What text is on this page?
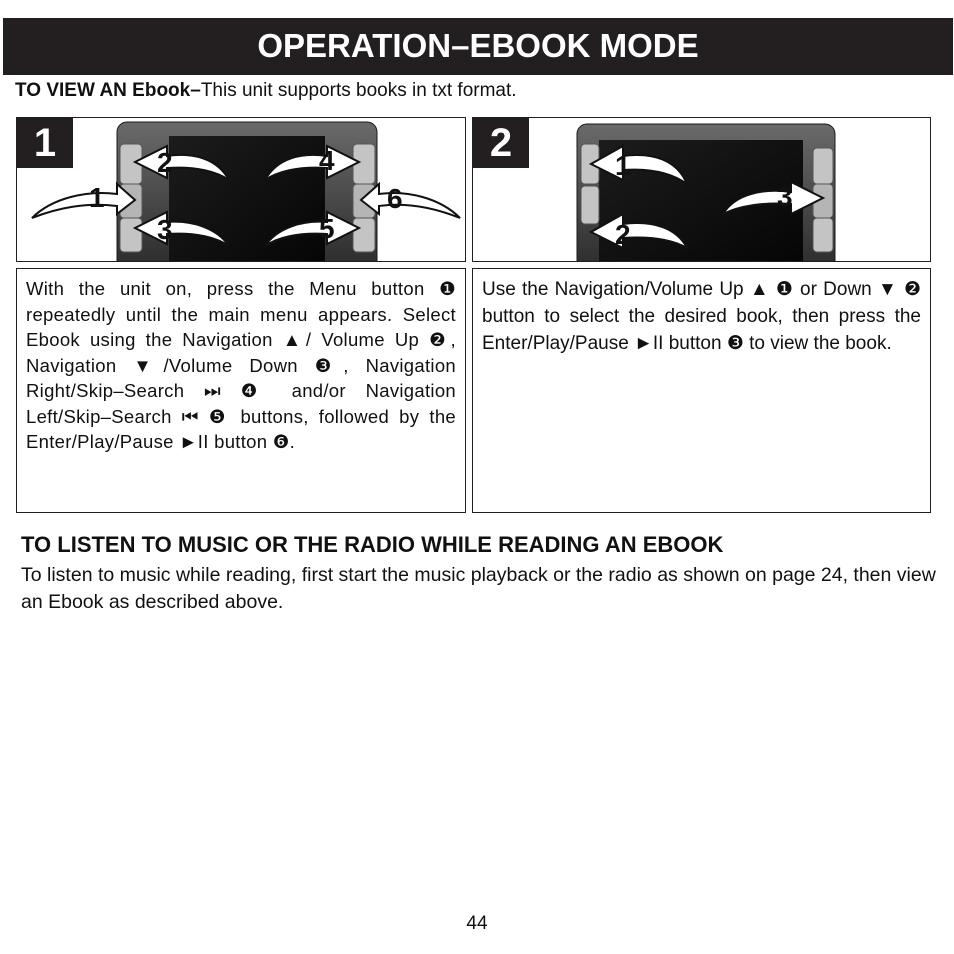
OPERATION–EBOOK MODE
TO VIEW AN Ebook–This unit supports books in txt format.
1
2
3
4
5
6
1
1
2
3
2

With the unit on, press the Menu button ❶ repeatedly until the main menu appears. Select Ebook using the Navigation ▲/ Volume Up ❷, Navigation ▼/Volume Down ❸, Navigation Right/Skip–Search ⏭ ❹ and/or Navigation Left/Skip–Search ⏮ ❺ buttons, followed by the Enter/Play/Pause ►II button ❻.

Use the Navigation/Volume Up ▲ ❶ or Down ▼ ❷ button to select the desired book, then press the Enter/Play/Pause ►II button ❸ to view the book.

TO LISTEN TO MUSIC OR THE RADIO WHILE READING AN EBOOK

To listen to music while reading, first start the music playback or the radio as shown on page 24, then view an Ebook as described above.

44
